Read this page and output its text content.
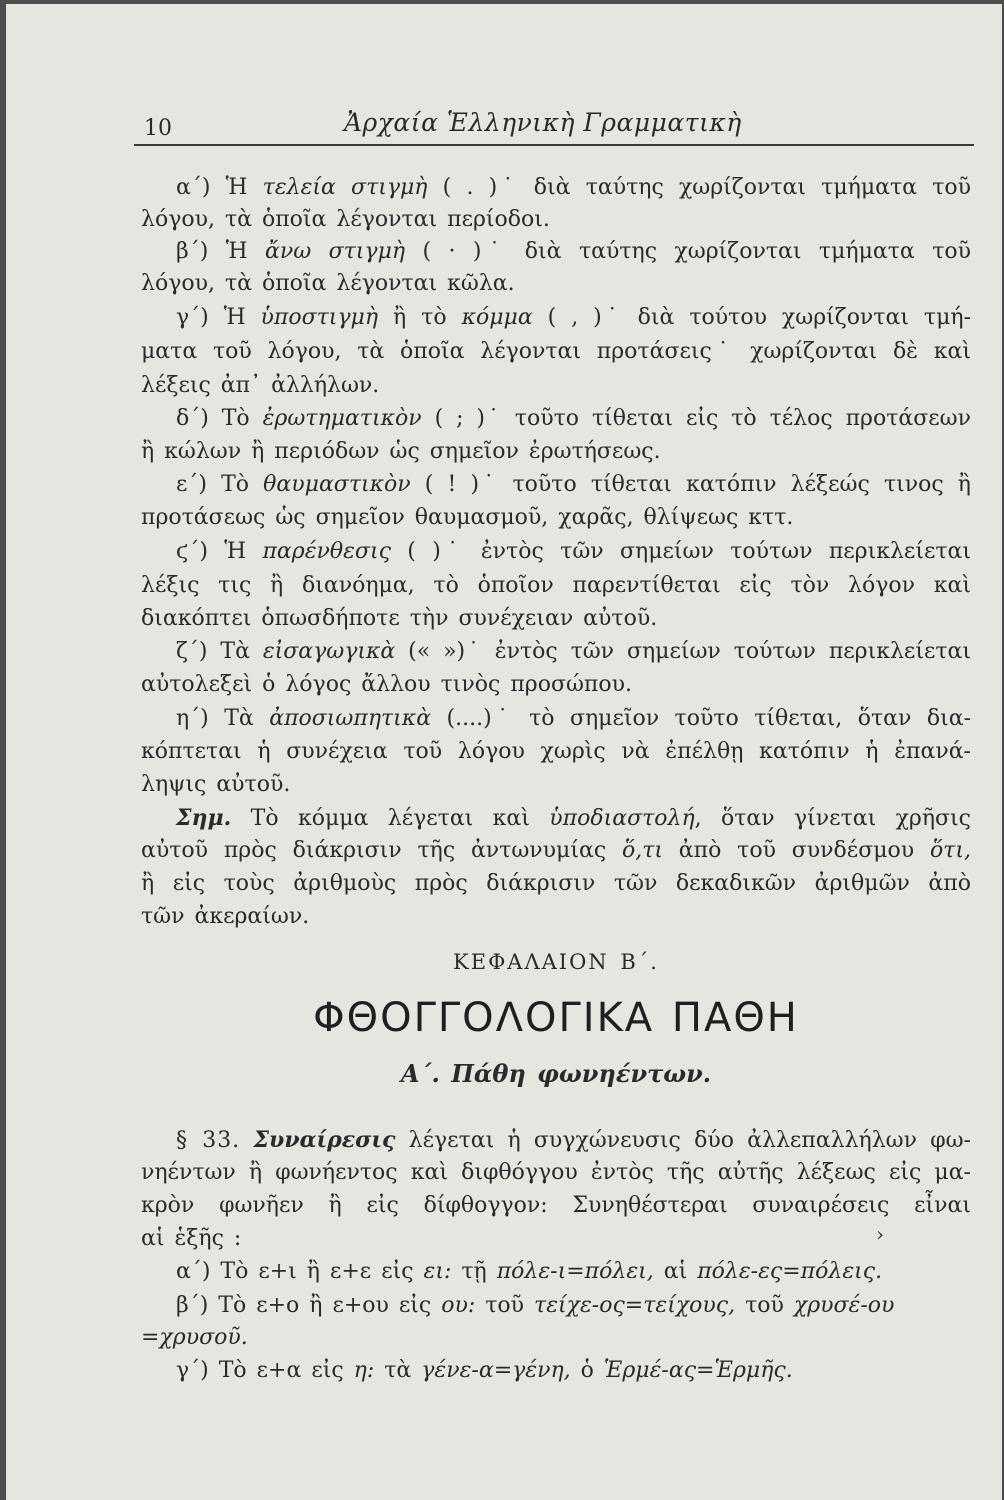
10	Ἀρχαία Ἑλληνικὴ Γραμματικὴ
α΄) Ἡ τελεία στιγμὴ ( . )˙ διὰ ταύτης χωρίζονται τμήματα τοῦ
λόγου, τὰ ὁποῖα λέγονται περίοδοι.
β΄) Ἡ ἄνω στιγμὴ ( · )˙ διὰ ταύτης χωρίζονται τμήματα τοῦ
λόγου, τὰ ὁποῖα λέγονται κῶλα.
γ΄) Ἡ ὑποστιγμὴ ἢ τὸ κόμμα ( , )˙ διὰ τούτου χωρίζονται τμή-
ματα τοῦ λόγου, τὰ ὁποῖα λέγονται προτάσεις˙ χωρίζονται δὲ καὶ
λέξεις ἀπ᾿ ἀλλήλων.
δ΄) Τὸ ἐρωτηματικὸν ( ; )˙ τοῦτο τίθεται εἰς τὸ τέλος προτάσεων
ἢ κώλων ἢ περιόδων ὡς σημεῖον ἐρωτήσεως.
ε΄) Τὸ θαυμαστικὸν ( ! )˙ τοῦτο τίθεται κατόπιν λέξεώς τινος ἢ
προτάσεως ὡς σημεῖον θαυμασμοῦ, χαρᾶς, θλίψεως κττ.
ϛ΄) Ἡ παρένθεσις ( )˙ ἐντὸς τῶν σημείων τούτων περικλείεται
λέξις τις ἢ διανόημα, τὸ ὁποῖον παρεντίθεται εἰς τὸν λόγον καὶ
διακόπτει ὁπωσδήποτε τὴν συνέχειαν αὐτοῦ.
ζ΄) Τὰ εἰσαγωγικὰ (« »)˙ ἐντὸς τῶν σημείων τούτων περικλείεται
αὐτολεξεὶ ὁ λόγος ἄλλου τινὸς προσώπου.
η΄) Τὰ ἀποσιωπητικὰ (....)˙ τὸ σημεῖον τοῦτο τίθεται, ὅταν δια-
κόπτεται ἡ συνέχεια τοῦ λόγου χωρὶς νὰ ἐπέλθῃ κατόπιν ἡ ἐπανά-
ληψις αὐτοῦ.
Σημ. Τὸ κόμμα λέγεται καὶ ὑποδιαστολή, ὅταν γίνεται χρῆσις
αὐτοῦ πρὸς διάκρισιν τῆς ἀντωνυμίας ὅ,τι ἀπὸ τοῦ συνδέσμου ὅτι,
ἢ εἰς τοὺς ἀριθμοὺς πρὸς διάκρισιν τῶν δεκαδικῶν ἀριθμῶν ἀπὸ
τῶν ἀκεραίων.
ΚΕΦΑΛΑΙΟΝ Β΄.
ΦΘΟΓΓΟΛΟΓΙΚΑ ΠΑΘΗ
Α΄. Πάθη φωνηέντων.
§ 33. Συναίρεσις λέγεται ἡ συγχώνευσις δύο ἀλλεπαλλήλων φω-
νηέντων ἢ φωνήεντος καὶ διφθόγγου ἐντὸς τῆς αὐτῆς λέξεως εἰς μα-
κρὸν φωνῆεν ἢ εἰς δίφθογγον: Συνηθέστεραι συναιρέσεις εἶναι
αἱ ἑξῆς :	›
α΄) Τὸ ε+ι ἢ ε+ε εἰς ει: τῇ πόλε-ι=πόλει, αἱ πόλε-ες=πόλεις.
β΄) Τὸ ε+ο ἢ ε+ου εἰς ου: τοῦ τείχε-ος=τείχους, τοῦ χρυσέ-ου
=χρυσοῦ.
γ΄) Τὸ ε+α εἰς η: τὰ γένε-α=γένη, ὁ Ἑρμέ-ας=Ἑρμῆς.
